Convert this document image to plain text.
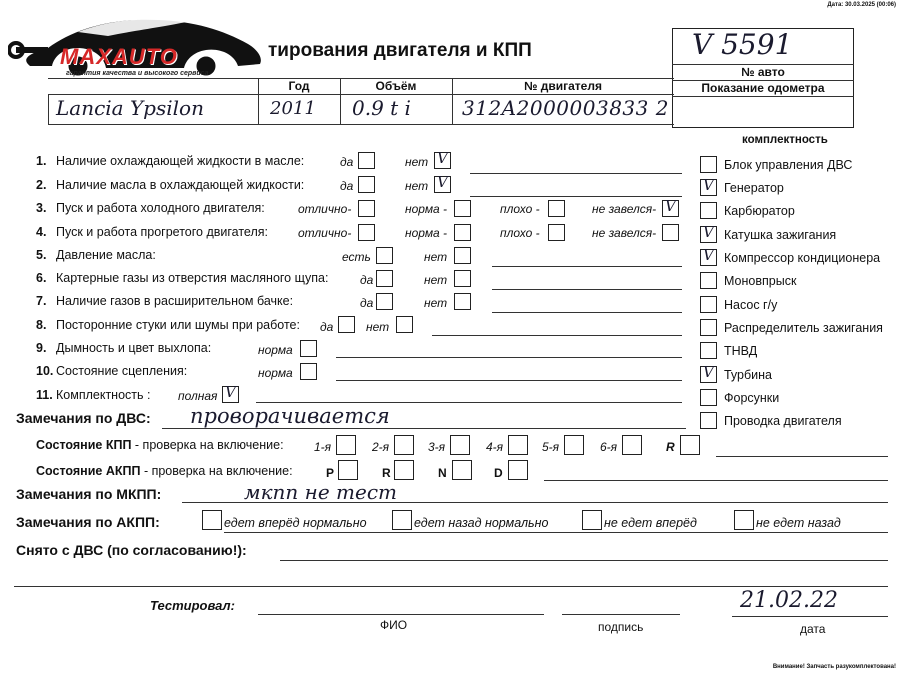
Дата: 30.03.2025 (00:06)
MAXAUTO
гарантия качества и высокого сервиса
тирования двигателя и КПП	V 5591
№ авто
Показание одометра
Год	Объём	№ двигателя
Lancia Ypsilon	2011 0.9 t i	312A2000003833 2
комплектность
1. Наличие охлаждающей жидкости в масле:	да	нет V
2. Наличие масла в охлаждающей жидкости:	да	нет V
3. Пуск и работа холодного двигателя:	отлично-	норма -	плохо -	не завелся- V
4. Пуск и работа прогретого двигателя:	отлично-	норма -	плохо -	не завелся-
5. Давление масла:	есть	нет
6. Картерные газы из отверстия масляного щупа:	да	нет
7. Наличие газов в расширительном бачке:	да	нет
8. Посторонние стуки или шумы при работе: да	нет
9. Дымность и цвет выхлопа:	норма
10. Состояние сцепления:	норма
11. Комплектность : полная V
Блок управления ДВС
V Генератор
Карбюратор
V Катушка зажигания
V Компрессор кондиционера
Моновпрыск
Насос г/у
Распределитель зажигания
ТНВД
V Турбина
Форсунки
Проводка двигателя
Замечания по ДВС: проворачивается
Состояние КПП - проверка на включение:	1-я	2-я	3-я	4-я	5-я	6-я	R
Состояние АКПП - проверка на включение:	P	R	N	D
Замечания по МКПП:	мкпп не тест
Замечания по АКПП:	едет вперёд нормально	едет назад нормально	не едет вперёд	не едет назад
Снято с ДВС (по согласованию!):
Тестировал:	21.02.22
ФИО	подпись	дата
Внимание! Запчасть разукомплектована!
